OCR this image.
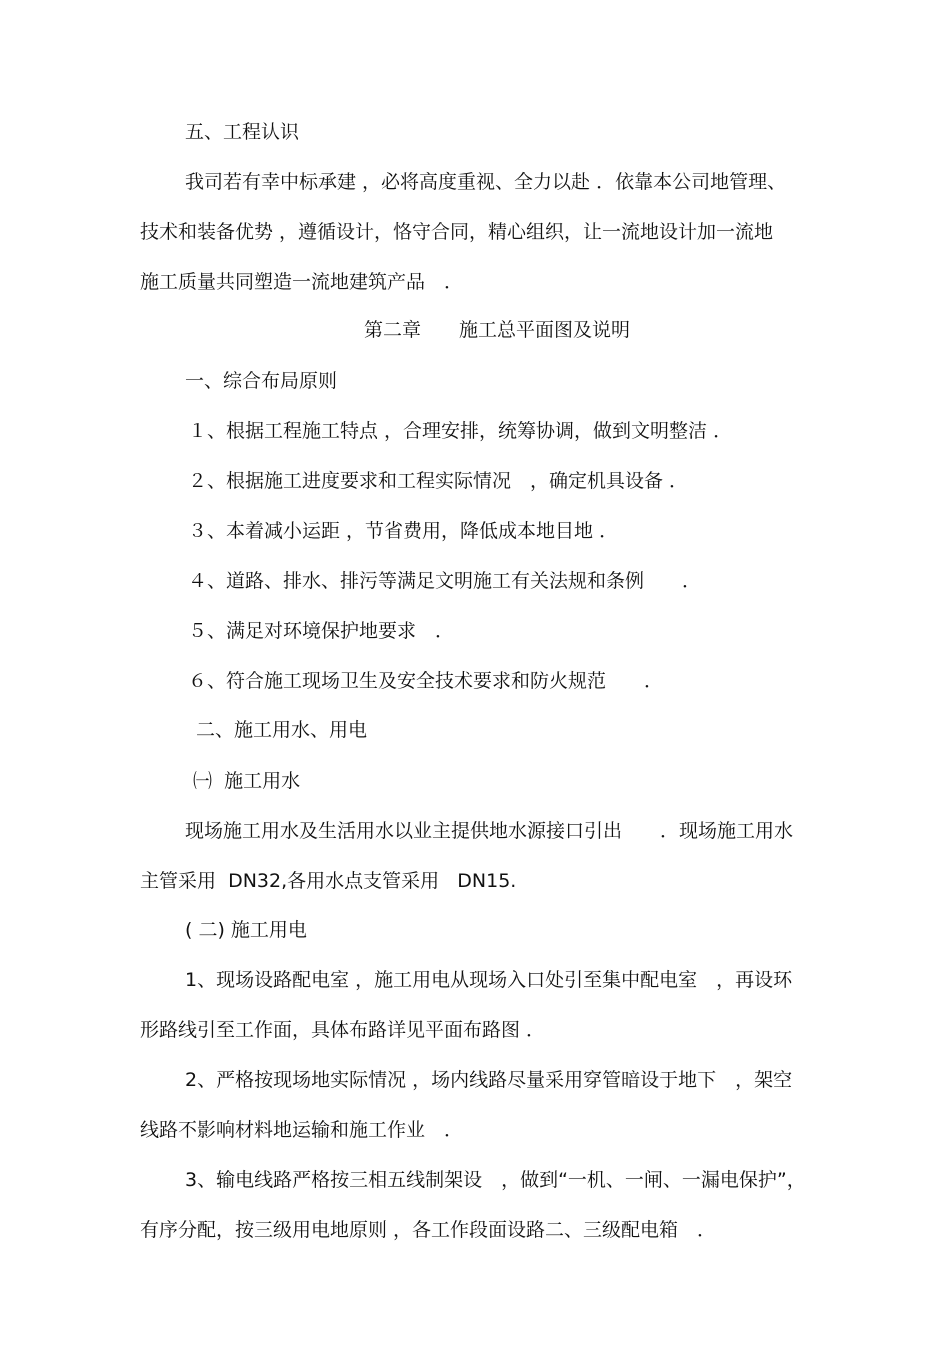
五、工程认识

我司若有幸中标承建 ，必将高度重视、全力以赴 ．依靠本公司地管理、

技术和装备优势 ，遵循设计，恪守合同，精心组织，让一流地设计加一流地

施工质量共同塑造一流地建筑产品　．

第二章　　施工总平面图及说明

一、综合布局原则

１、根据工程施工特点 ，合理安排，统筹协调，做到文明整洁 ．

２、根据施工进度要求和工程实际情况　，确定机具设备 ．

３、本着减小运距 ，节省费用，降低成本地目地 ．

４、道路、排水、排污等满足文明施工有关法规和条例　　．

５、满足对环境保护地要求　．

６、符合施工现场卫生及安全技术要求和防火规范　　．

二、施工用水、用电

㈠  施工用水

现场施工用水及生活用水以业主提供地水源接口引出　　．现场施工用水

主管采用  DN32,各用水点支管采用   DN15.

( 二) 施工用电

1、现场设路配电室 ，施工用电从现场入口处引至集中配电室　，再设环

形路线引至工作面，具体布路详见平面布路图 ．

2、严格按现场地实际情况 ，场内线路尽量采用穿管暗设于地下　，架空

线路不影响材料地运输和施工作业　．

3、输电线路严格按三相五线制架设　，做到“一机、一闸、一漏电保护”，

有序分配，按三级用电地原则 ，各工作段面设路二、三级配电箱　．
